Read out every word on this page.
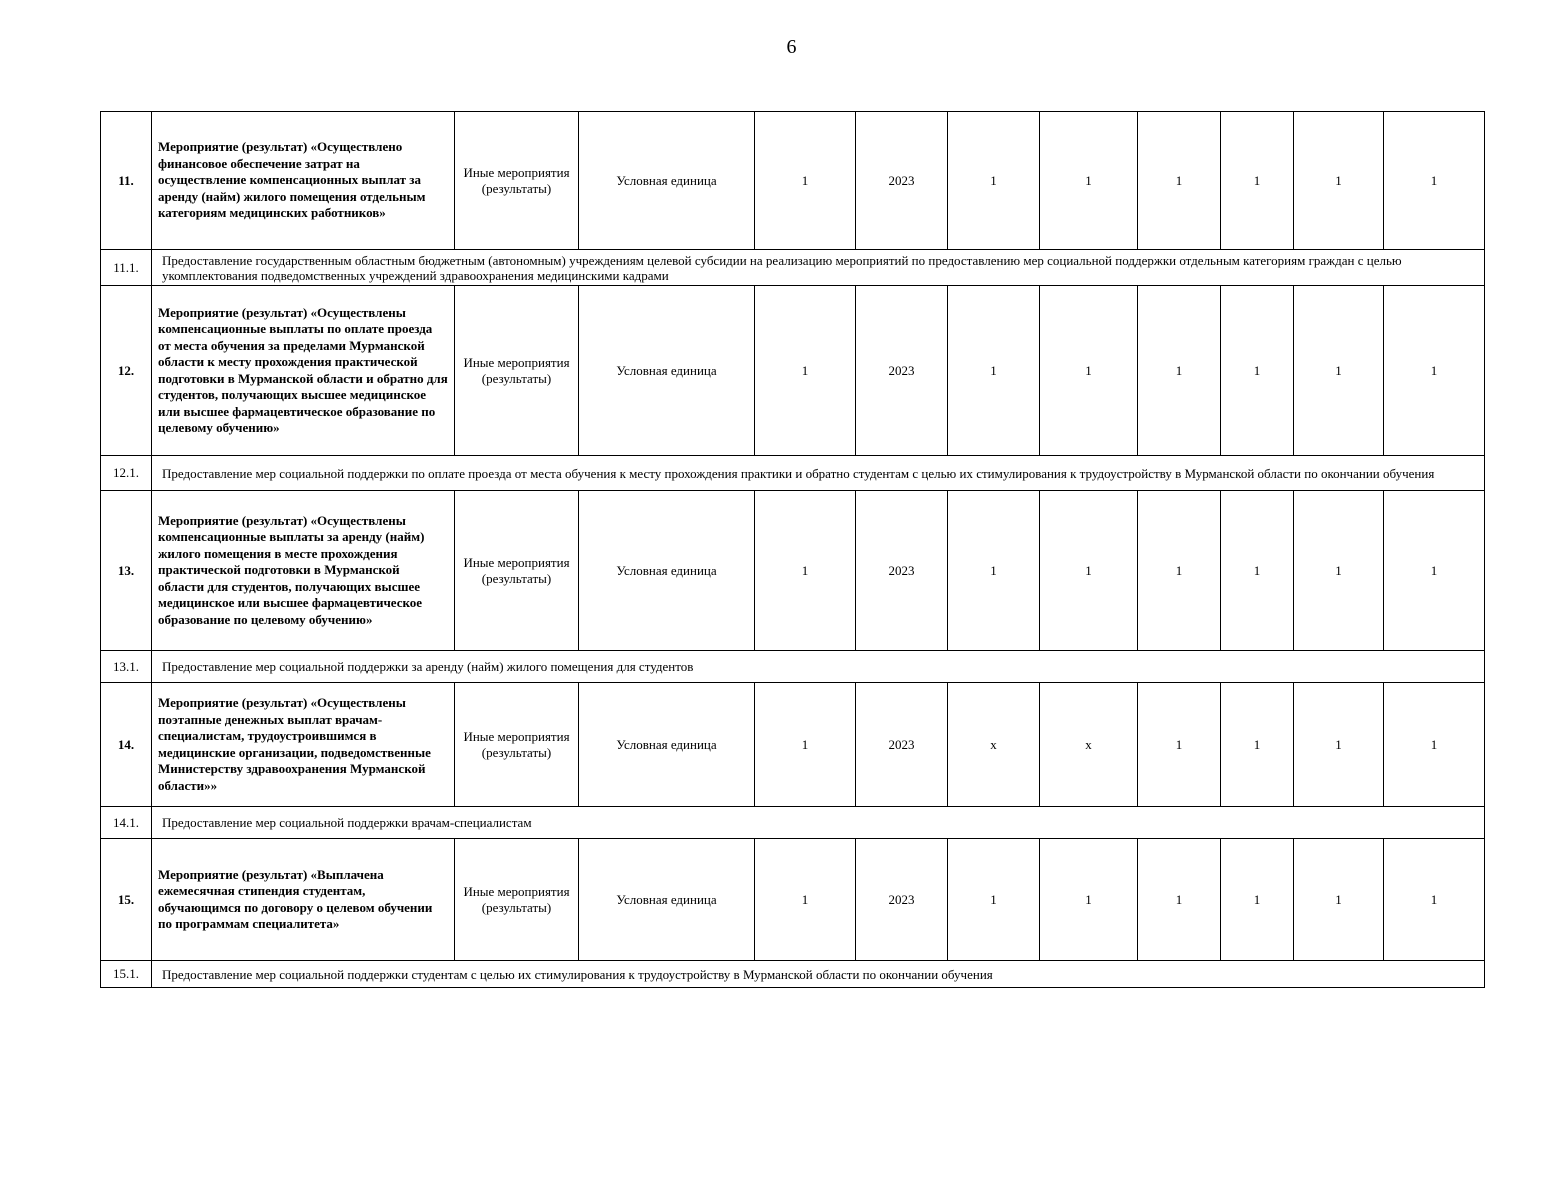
6
11.	Мероприятие (результат) «Осуществлено финансовое обеспечение затрат на осуществление компенсационных выплат за аренду (найм) жилого помещения отдельным категориям медицинских работников»	Иные мероприятия (результаты)	Условная единица	1	2023	1	1	1	1	1	1
11.1.	Предоставление государственным областным бюджетным (автономным) учреждениям целевой субсидии на реализацию мероприятий по предоставлению мер социальной поддержки отдельным категориям граждан с целью укомплектования подведомственных учреждений здравоохранения медицинскими кадрами										
12.	Мероприятие (результат) «Осуществлены компенсационные выплаты по оплате проезда от места обучения за пределами Мурманской области к месту прохождения практической подготовки в Мурманской области и обратно для студентов, получающих высшее медицинское или высшее фармацевтическое образование по целевому обучению»	Иные мероприятия (результаты)	Условная единица	1	2023	1	1	1	1	1	1
12.1.	Предоставление мер социальной поддержки по оплате проезда от места обучения к месту прохождения практики и обратно студентам с целью их стимулирования к трудоустройству в Мурманской области по окончании обучения										
13.	Мероприятие (результат) «Осуществлены компенсационные выплаты за аренду (найм) жилого помещения в месте прохождения практической подготовки в Мурманской области для студентов, получающих высшее медицинское или высшее фармацевтическое образование по целевому обучению»	Иные мероприятия (результаты)	Условная единица	1	2023	1	1	1	1	1	1
13.1.	Предоставление мер социальной поддержки за аренду (найм) жилого помещения для студентов										
14.	Мероприятие (результат) «Осуществлены поэтапные денежных выплат врачам-специалистам, трудоустроившимся в медицинские организации, подведомственные Министерству здравоохранения Мурманской области»»	Иные мероприятия (результаты)	Условная единица	1	2023	x	x	1	1	1	1
14.1.	Предоставление мер социальной поддержки врачам-специалистам										
15.	Мероприятие (результат) «Выплачена ежемесячная стипендия студентам, обучающимся по договору о целевом обучении по программам специалитета»	Иные мероприятия (результаты)	Условная единица	1	2023	1	1	1	1	1	1
15.1.	Предоставление мер социальной поддержки студентам с целью их стимулирования к трудоустройству в Мурманской области по окончании обучения										
